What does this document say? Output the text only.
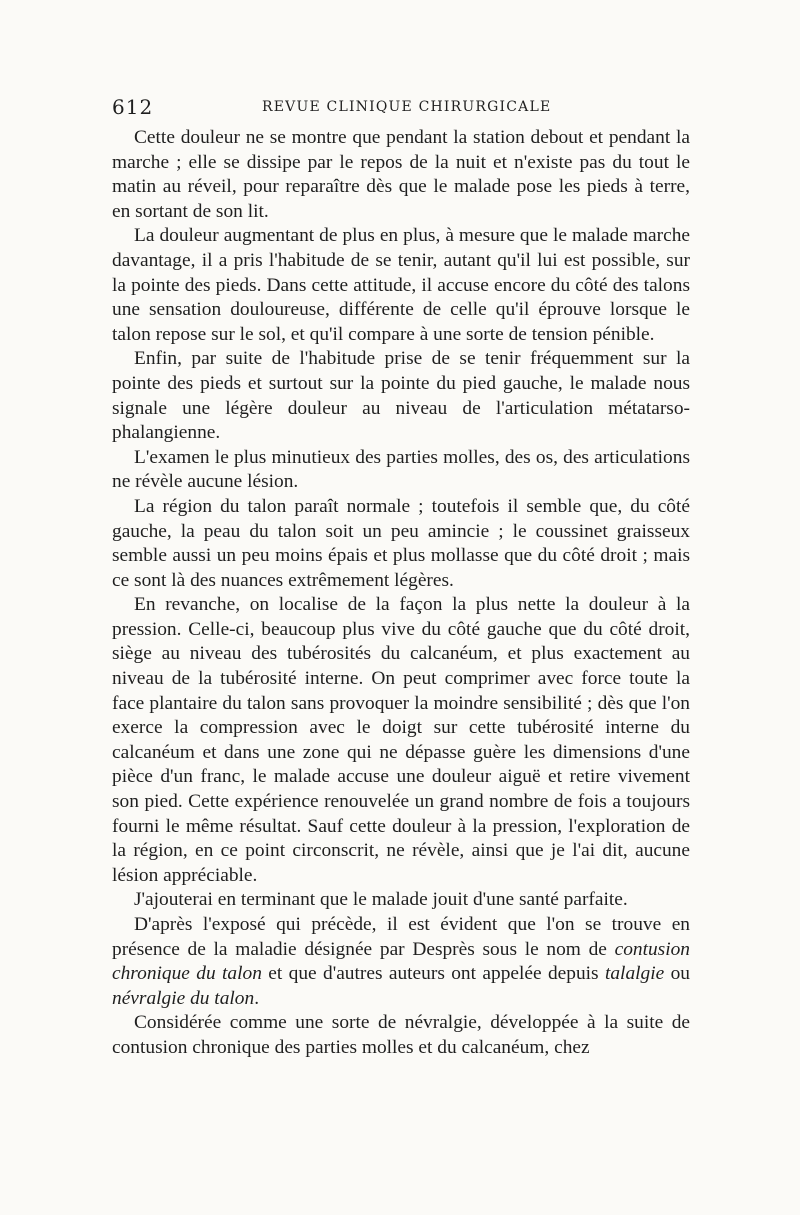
612	REVUE CLINIQUE CHIRURGICALE

Cette douleur ne se montre que pendant la station debout et pendant la marche ; elle se dissipe par le repos de la nuit et n'existe pas du tout le matin au réveil, pour reparaître dès que le malade pose les pieds à terre, en sortant de son lit.

La douleur augmentant de plus en plus, à mesure que le malade marche davantage, il a pris l'habitude de se tenir, autant qu'il lui est possible, sur la pointe des pieds. Dans cette attitude, il accuse encore du côté des talons une sensation douloureuse, différente de celle qu'il éprouve lorsque le talon repose sur le sol, et qu'il compare à une sorte de tension pénible.

Enfin, par suite de l'habitude prise de se tenir fréquemment sur la pointe des pieds et surtout sur la pointe du pied gauche, le malade nous signale une légère douleur au niveau de l'articulation métatarso-phalangienne.

L'examen le plus minutieux des parties molles, des os, des articulations ne révèle aucune lésion.

La région du talon paraît normale ; toutefois il semble que, du côté gauche, la peau du talon soit un peu amincie ; le coussinet graisseux semble aussi un peu moins épais et plus mollasse que du côté droit ; mais ce sont là des nuances extrêmement légères.

En revanche, on localise de la façon la plus nette la douleur à la pression. Celle-ci, beaucoup plus vive du côté gauche que du côté droit, siège au niveau des tubérosités du calcanéum, et plus exactement au niveau de la tubérosité interne. On peut comprimer avec force toute la face plantaire du talon sans provoquer la moindre sensibilité ; dès que l'on exerce la compression avec le doigt sur cette tubérosité interne du calcanéum et dans une zone qui ne dépasse guère les dimensions d'une pièce d'un franc, le malade accuse une douleur aiguë et retire vivement son pied. Cette expérience renouvelée un grand nombre de fois a toujours fourni le même résultat. Sauf cette douleur à la pression, l'exploration de la région, en ce point circonscrit, ne révèle, ainsi que je l'ai dit, aucune lésion appréciable.

J'ajouterai en terminant que le malade jouit d'une santé parfaite.

D'après l'exposé qui précède, il est évident que l'on se trouve en présence de la maladie désignée par Desprès sous le nom de contusion chronique du talon et que d'autres auteurs ont appelée depuis talalgie ou névralgie du talon.

Considérée comme une sorte de névralgie, développée à la suite de contusion chronique des parties molles et du calcanéum, chez
